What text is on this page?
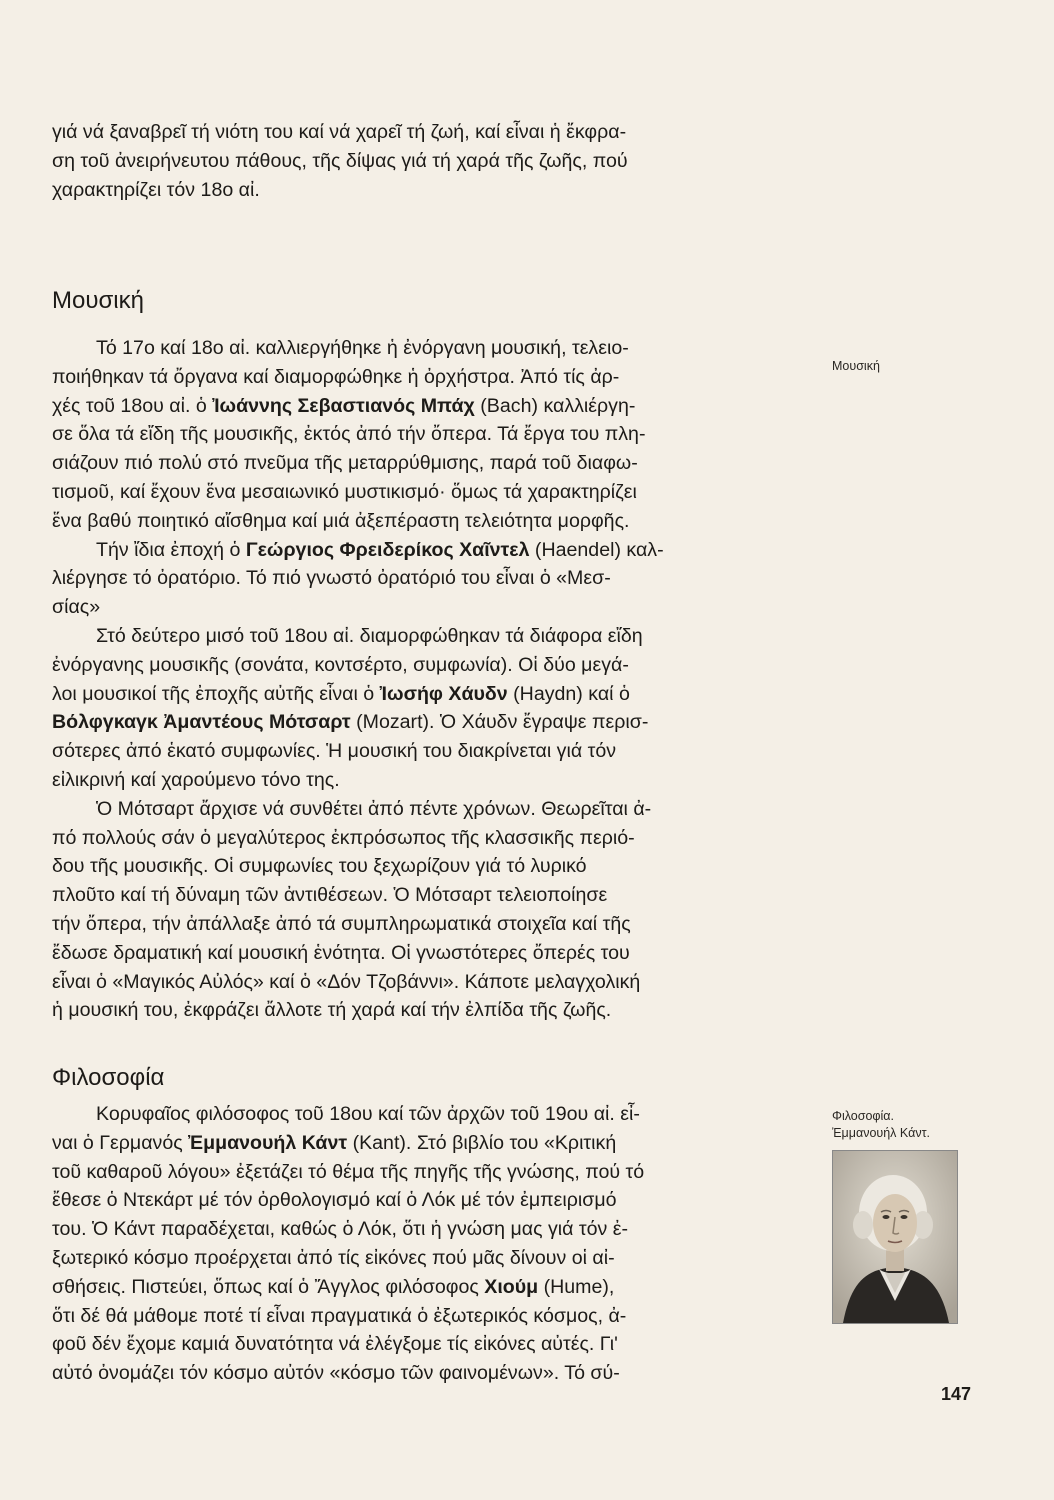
γιά νά ξαναβρεῖ τή νιότη του καί νά χαρεῖ τή ζωή, καί εἶναι ἡ ἔκφρα-
ση τοῦ ἀνειρήνευτου πάθους, τῆς δίψας γιά τή χαρά τῆς ζωῆς, πού
χαρακτηρίζει τόν 18ο αἰ.

Μουσική
Μουσική

Τό 17ο καί 18ο αἰ. καλλιεργήθηκε ἡ ἐνόργανη μουσική, τελειο-
ποιήθηκαν τά ὄργανα καί διαμορφώθηκε ἡ ὀρχήστρα. Ἀπό τίς ἀρ-
χές τοῦ 18ου αἰ. ὁ Ἰωάννης Σεβαστιανός Μπάχ (Bach) καλλιέργη-
σε ὅλα τά εἴδη τῆς μουσικῆς, ἐκτός ἀπό τήν ὄπερα. Τά ἔργα του πλη-
σιάζουν πιό πολύ στό πνεῦμα τῆς μεταρρύθμισης, παρά τοῦ διαφω-
τισμοῦ, καί ἔχουν ἕνα μεσαιωνικό μυστικισμό· ὅμως τά χαρακτηρίζει
ἕνα βαθύ ποιητικό αἴσθημα καί μιά ἀξεπέραστη τελειότητα μορφῆς.

Τήν ἴδια ἐποχή ὁ Γεώργιος Φρειδερίκος Χαῖντελ (Haendel) καλ-
λιέργησε τό ὀρατόριο. Τό πιό γνωστό ὀρατόριό του εἶναι ὁ «Μεσ-
σίας»

Στό δεύτερο μισό τοῦ 18ου αἰ. διαμορφώθηκαν τά διάφορα εἴδη
ἐνόργανης μουσικῆς (σονάτα, κοντσέρτο, συμφωνία). Οἱ δύο μεγά-
λοι μουσικοί τῆς ἐποχῆς αὐτῆς εἶναι ὁ Ἰωσήφ Χάυδν (Haydn) καί ὁ
Βόλφγκαγκ Ἀμαντέους Μότσαρτ (Mozart). Ὁ Χάυδν ἔγραψε περισ-
σότερες ἀπό ἑκατό συμφωνίες. Ἡ μουσική του διακρίνεται γιά τόν
εἰλικρινή καί χαρούμενο τόνο της.

Ὁ Μότσαρτ ἄρχισε νά συνθέτει ἀπό πέντε χρόνων. Θεωρεῖται ἀ-
πό πολλούς σάν ὁ μεγαλύτερος ἐκπρόσωπος τῆς κλασσικῆς περιό-
δου τῆς μουσικῆς. Οἱ συμφωνίες του ξεχωρίζουν γιά τό λυρικό
πλοῦτο καί τή δύναμη τῶν ἀντιθέσεων. Ὁ Μότσαρτ τελειοποίησε
τήν ὄπερα, τήν ἀπάλλαξε ἀπό τά συμπληρωματικά στοιχεῖα καί τῆς
ἔδωσε δραματική καί μουσική ἑνότητα. Οἱ γνωστότερες ὄπερές του
εἶναι ὁ «Μαγικός Αὐλός» καί ὁ «Δόν Τζοβάννι». Κάποτε μελαγχολική
ἡ μουσική του, ἐκφράζει ἄλλοτε τή χαρά καί τήν ἐλπίδα τῆς ζωῆς.

Φιλοσοφία
Φιλοσοφία.
Ἐμμανουήλ Κάντ.

Κορυφαῖος φιλόσοφος τοῦ 18ου καί τῶν ἀρχῶν τοῦ 19ου αἰ. εἶ-
ναι ὁ Γερμανός Ἐμμανουήλ Κάντ (Kant). Στό βιβλίο του «Κριτική
τοῦ καθαροῦ λόγου» ἐξετάζει τό θέμα τῆς πηγῆς τῆς γνώσης, πού τό
ἔθεσε ὁ Ντεκάρτ μέ τόν ὀρθολογισμό καί ὁ Λόκ μέ τόν ἐμπειρισμό
του. Ὁ Κάντ παραδέχεται, καθώς ὁ Λόκ, ὅτι ἡ γνώση μας γιά τόν ἐ-
ξωτερικό κόσμο προέρχεται ἀπό τίς εἰκόνες πού μᾶς δίνουν οἱ αἰ-
σθήσεις. Πιστεύει, ὅπως καί ὁ Ἄγγλος φιλόσοφος Χιούμ (Hume),
ὅτι δέ θά μάθομε ποτέ τί εἶναι πραγματικά ὁ ἐξωτερικός κόσμος, ἀ-
φοῦ δέν ἔχομε καμιά δυνατότητα νά ἐλέγξομε τίς εἰκόνες αὐτές. Γι'
αὐτό ὀνομάζει τόν κόσμο αὐτόν «κόσμο τῶν φαινομένων». Τό σύ-

147
